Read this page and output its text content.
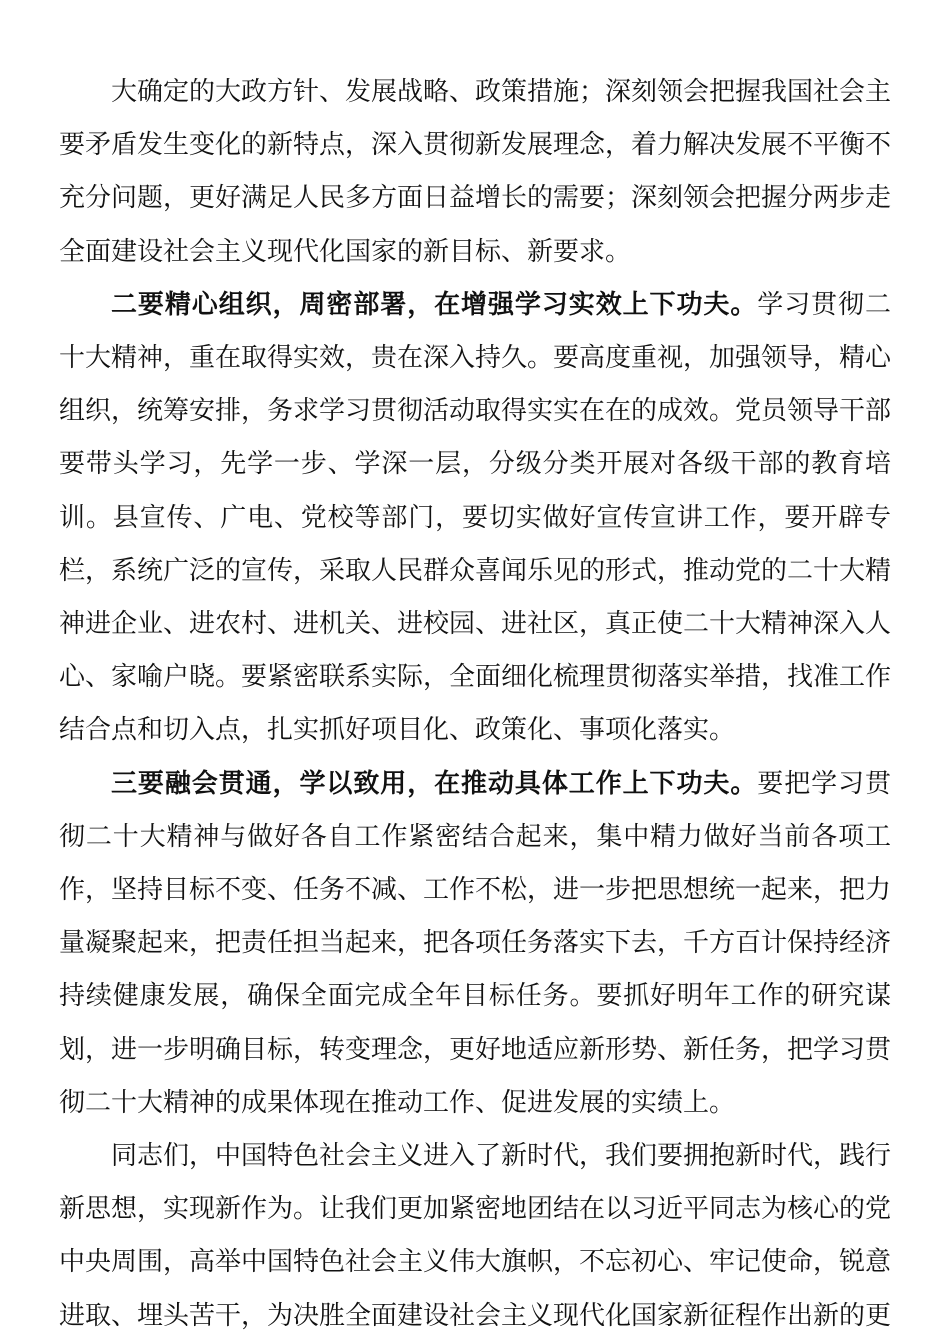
大确定的大政方针、发展战略、政策措施；深刻领会把握我国社会主要矛盾发生变化的新特点，深入贯彻新发展理念，着力解决发展不平衡不充分问题，更好满足人民多方面日益增长的需要；深刻领会把握分两步走全面建设社会主义现代化国家的新目标、新要求。

二要精心组织，周密部署，在增强学习实效上下功夫。学习贯彻二十大精神，重在取得实效，贵在深入持久。要高度重视，加强领导，精心组织，统筹安排，务求学习贯彻活动取得实实在在的成效。党员领导干部要带头学习，先学一步、学深一层，分级分类开展对各级干部的教育培训。县宣传、广电、党校等部门，要切实做好宣传宣讲工作，要开辟专栏，系统广泛的宣传，采取人民群众喜闻乐见的形式，推动党的二十大精神进企业、进农村、进机关、进校园、进社区，真正使二十大精神深入人心、家喻户晓。要紧密联系实际，全面细化梳理贯彻落实举措，找准工作结合点和切入点，扎实抓好项目化、政策化、事项化落实。

三要融会贯通，学以致用，在推动具体工作上下功夫。要把学习贯彻二十大精神与做好各自工作紧密结合起来，集中精力做好当前各项工作，坚持目标不变、任务不减、工作不松，进一步把思想统一起来，把力量凝聚起来，把责任担当起来，把各项任务落实下去，千方百计保持经济持续健康发展，确保全面完成全年目标任务。要抓好明年工作的研究谋划，进一步明确目标，转变理念，更好地适应新形势、新任务，把学习贯彻二十大精神的成果体现在推动工作、促进发展的实绩上。

同志们，中国特色社会主义进入了新时代，我们要拥抱新时代，践行新思想，实现新作为。让我们更加紧密地团结在以习近平同志为核心的党中央周围，高举中国特色社会主义伟大旗帜，不忘初心、牢记使命，锐意进取、埋头苦干，为决胜全面建设社会主义现代化国家新征程作出新的更
